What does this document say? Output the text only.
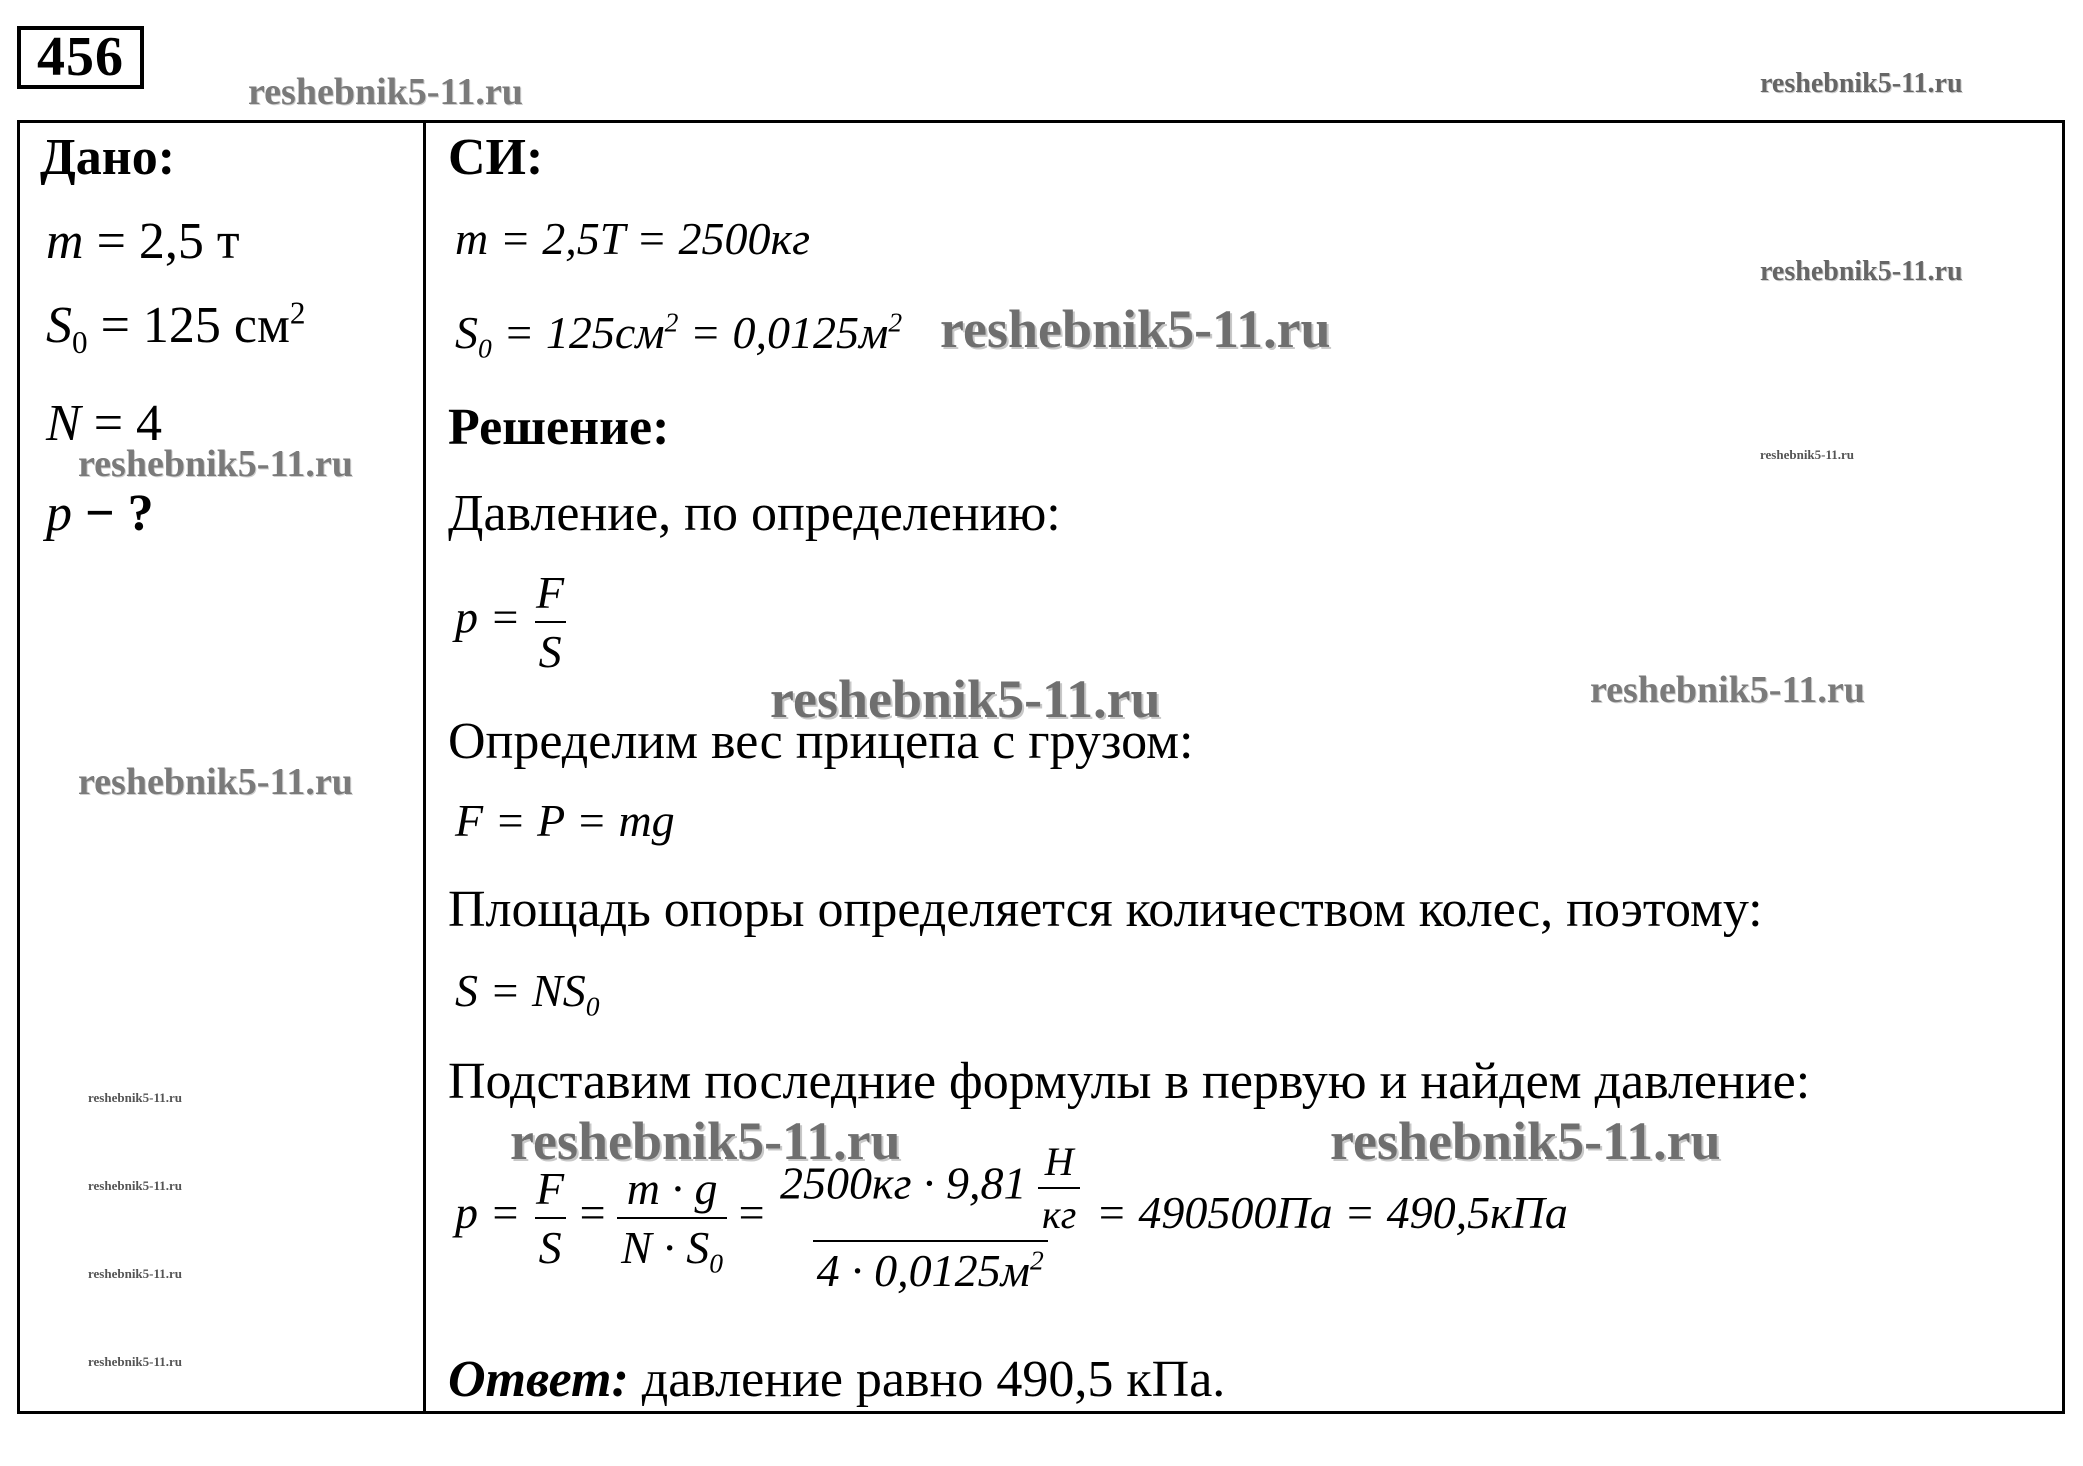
456
reshebnik5-11.ru	reshebnik5-11.ru
reshebnik5-11.ru
reshebnik5-11.ru
reshebnik5-11.ru	reshebnik5-11.ru
reshebnik5-11.ru	reshebnik5-11.ru
reshebnik5-11.ru
reshebnik5-11.ru
reshebnik5-11.ru
reshebnik5-11.ru
reshebnik5-11.ru
reshebnik5-11.ru	reshebnik5-11.ru
Дано:
m = 2,5 т
$S_0 = 125$ $см^2$
N = 4
p − ?
СИ:
m = 2,5T = 2500кг
$S_0 = 125см^2 = 0,0125м^2$
Решение:
Давление, по определению:
$p = \frac{F}{S}$
Определим вес прицепа с грузом:
F = P = mg
Площадь опоры определяется количеством колес, поэтому:
$S = NS_0$
Подставим последние формулы в первую и найдем давление:
$p = \frac{F}{S} = \frac{m \cdot g}{N \cdot S_0} = \frac{2500кг \cdot 9,81 \frac{Н}{кг}}{4 \cdot 0,0125м^2} = 490500Па = 490,5кПа$
Ответ: давление равно 490,5 кПа.
